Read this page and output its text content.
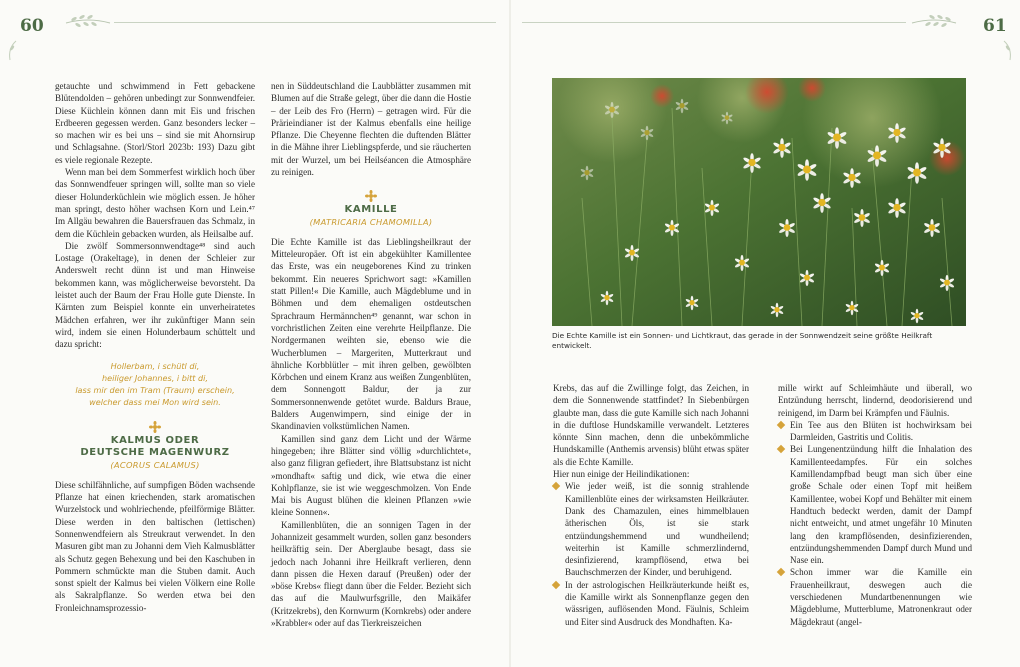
60	61

getauchte und schwimmend in Fett gebackene Blütendolden – gehören unbedingt zur Sonnwendfeier. Diese Küchlein können dann mit Eis und frischen Erdbeeren gegessen werden. Ganz besonders lecker – so machen wir es bei uns – sind sie mit Ahornsirup und Schlagsahne. (Storl/Storl 2023b: 193) Dazu gibt es viele regionale Rezepte.

Wenn man bei dem Sommerfest wirklich hoch über das Sonnwendfeuer springen will, sollte man so viele dieser Holunderküchlein wie möglich essen. Je höher man springt, desto höher wachsen Korn und Lein.⁴⁷ Im Allgäu bewahren die Bauersfrauen das Schmalz, in dem die Küchlein gebacken wurden, als Heilsalbe auf.

Die zwölf Sommersonnwendtage⁴⁸ sind auch Lostage (Orakeltage), in denen der Schleier zur Anderswelt recht dünn ist und man Hinweise bekommen kann, was möglicherweise bevorsteht. Da leistet auch der Baum der Frau Holle gute Dienste. In Kärnten zum Beispiel konnte ein unverheiratetes Mädchen erfahren, wer ihr zukünftiger Mann sein wird, indem sie einen Holunderbaum schüttelt und dazu spricht:

Hollerbam, i schütl di,
heiliger Johannes, i bitt di,
lass mir den im Tram (Traum) erschein,
welcher dass mei Mon wird sein.
KALMUS ODER
DEUTSCHE MAGENWURZ
(ACORUS CALAMUS)

Diese schilfähnliche, auf sumpfigen Böden wachsende Pflanze hat einen kriechenden, stark aromatischen Wurzelstock und wohlriechende, pfeilförmige Blätter. Diese werden in den baltischen (lettischen) Sonnenwendfeiern als Streukraut verwendet. In den Masuren gibt man zu Johanni dem Vieh Kalmusblätter als Schutz gegen Behexung und bei den Kaschuben in Pommern schmückte man die Stuben damit. Auch sonst spielt der Kalmus bei vielen Völkern eine Rolle als Sakralpflanze. So werden etwa bei den Fronleichnamsprozessio-

nen in Süddeutschland die Laubblätter zusammen mit Blumen auf die Straße gelegt, über die dann die Hostie – der Leib des Fro (Herrn) – getragen wird. Für die Prärieindianer ist der Kalmus ebenfalls eine heilige Pflanze. Die Cheyenne flechten die duftenden Blätter in die Mähne ihrer Lieblingspferde, und sie räucherten mit der Wurzel, um bei Heilséancen die Atmosphäre zu reinigen.

KAMILLE
(MATRICARIA CHAMOMILLA)

Die Echte Kamille ist das Lieblingsheilkraut der Mitteleuropäer. Oft ist ein abgekühlter Kamillentee das Erste, was ein neugeborenes Kind zu trinken bekommt. Ein neueres Sprichwort sagt: »Kamillen statt Pillen!« Die Kamille, auch Mägdeblume und in Böhmen und dem ehemaligen ostdeutschen Sprachraum Hermännchen⁴⁹ genannt, war schon in vorchristlichen Zeiten eine verehrte Heilpflanze. Die Nordgermanen weihten sie, ebenso wie die Wucherblumen – Margeriten, Mutterkraut und ähnliche Korbblütler – mit ihren gelben, gewölbten Körbchen und einem Kranz aus weißen Zungenblüten, dem Sonnengott Baldur, der ja zur Sommersonnenwende getötet wurde. Baldurs Braue, Balders Augenwimpern, sind einige der in Skandinavien volkstümlichen Namen.

Kamillen sind ganz dem Licht und der Wärme hingegeben; ihre Blätter sind völlig »durchlichtet«, also ganz filigran gefiedert, ihre Blattsubstanz ist nicht »mondhaft« saftig und dick, wie etwa die einer Kohlpflanze, sie ist wie weggeschmolzen. Von Ende Mai bis August blühen die kleinen Pflanzen »wie kleine Sonnen«.

Kamillenblüten, die an sonnigen Tagen in der Johannizeit gesammelt wurden, sollen ganz besonders heilkräftig sein. Der Aberglaube besagt, dass sie jedoch nach Johanni ihre Heilkraft verlieren, denn dann pissen die Hexen darauf (Preußen) oder der »böse Krebs« fliegt dann über die Felder. Bezieht sich das auf die Maulwurfsgrille, den Maikäfer (Kritzekrebs), den Kornwurm (Kornkrebs) oder andere »Krabbler« oder auf das Tierkreiszeichen

Die Echte Kamille ist ein Sonnen- und Lichtkraut, das gerade in der Sonnwendzeit seine größte Heilkraft entwickelt.

Krebs, das auf die Zwillinge folgt, das Zeichen, in dem die Sonnenwende stattfindet? In Siebenbürgen glaubte man, dass die gute Kamille sich nach Johanni in die duftlose Hundskamille verwandelt. Letzteres könnte Sinn machen, denn die unbekömmliche Hundskamille (Anthemis arvensis) blüht etwas später als die Echte Kamille.

Hier nun einige der Heilindikationen:

Wie jeder weiß, ist die sonnig strahlende Kamillenblüte eines der wirksamsten Heilkräuter. Dank des Chamazulen, eines himmelblauen ätherischen Öls, ist sie stark entzündungshemmend und wundheilend; weiterhin ist Kamille schmerzlindernd, desinfizierend, krampflösend, etwa bei Bauchschmerzen der Kinder, und beruhigend.
In der astrologischen Heilkräuterkunde heißt es, die Kamille wirkt als Sonnenpflanze gegen den wässrigen, auflösenden Mond. Fäulnis, Schleim und Eiter sind Ausdruck des Mondhaften. Ka-

mille wirkt auf Schleimhäute und überall, wo Entzündung herrscht, lindernd, deodorisierend und reinigend, im Darm bei Krämpfen und Fäulnis.

Ein Tee aus den Blüten ist hochwirksam bei Darmleiden, Gastritis und Colitis.
Bei Lungenentzündung hilft die Inhalation des Kamillenteedampfes. Für ein solches Kamillendampfbad beugt man sich über eine große Schale oder einen Topf mit heißem Kamillentee, wobei Kopf und Behälter mit einem Handtuch bedeckt werden, damit der Dampf nicht entweicht, und atmet ungefähr 10 Minuten lang den krampflösenden, desinfizierenden, entzündungshemmenden Dampf durch Mund und Nase ein.
Schon immer war die Kamille ein Frauenheilkraut, deswegen auch die verschiedenen Mundartbenennungen wie Mägdeblume, Mutterblume, Matronenkraut oder Mägdekraut (angel-
